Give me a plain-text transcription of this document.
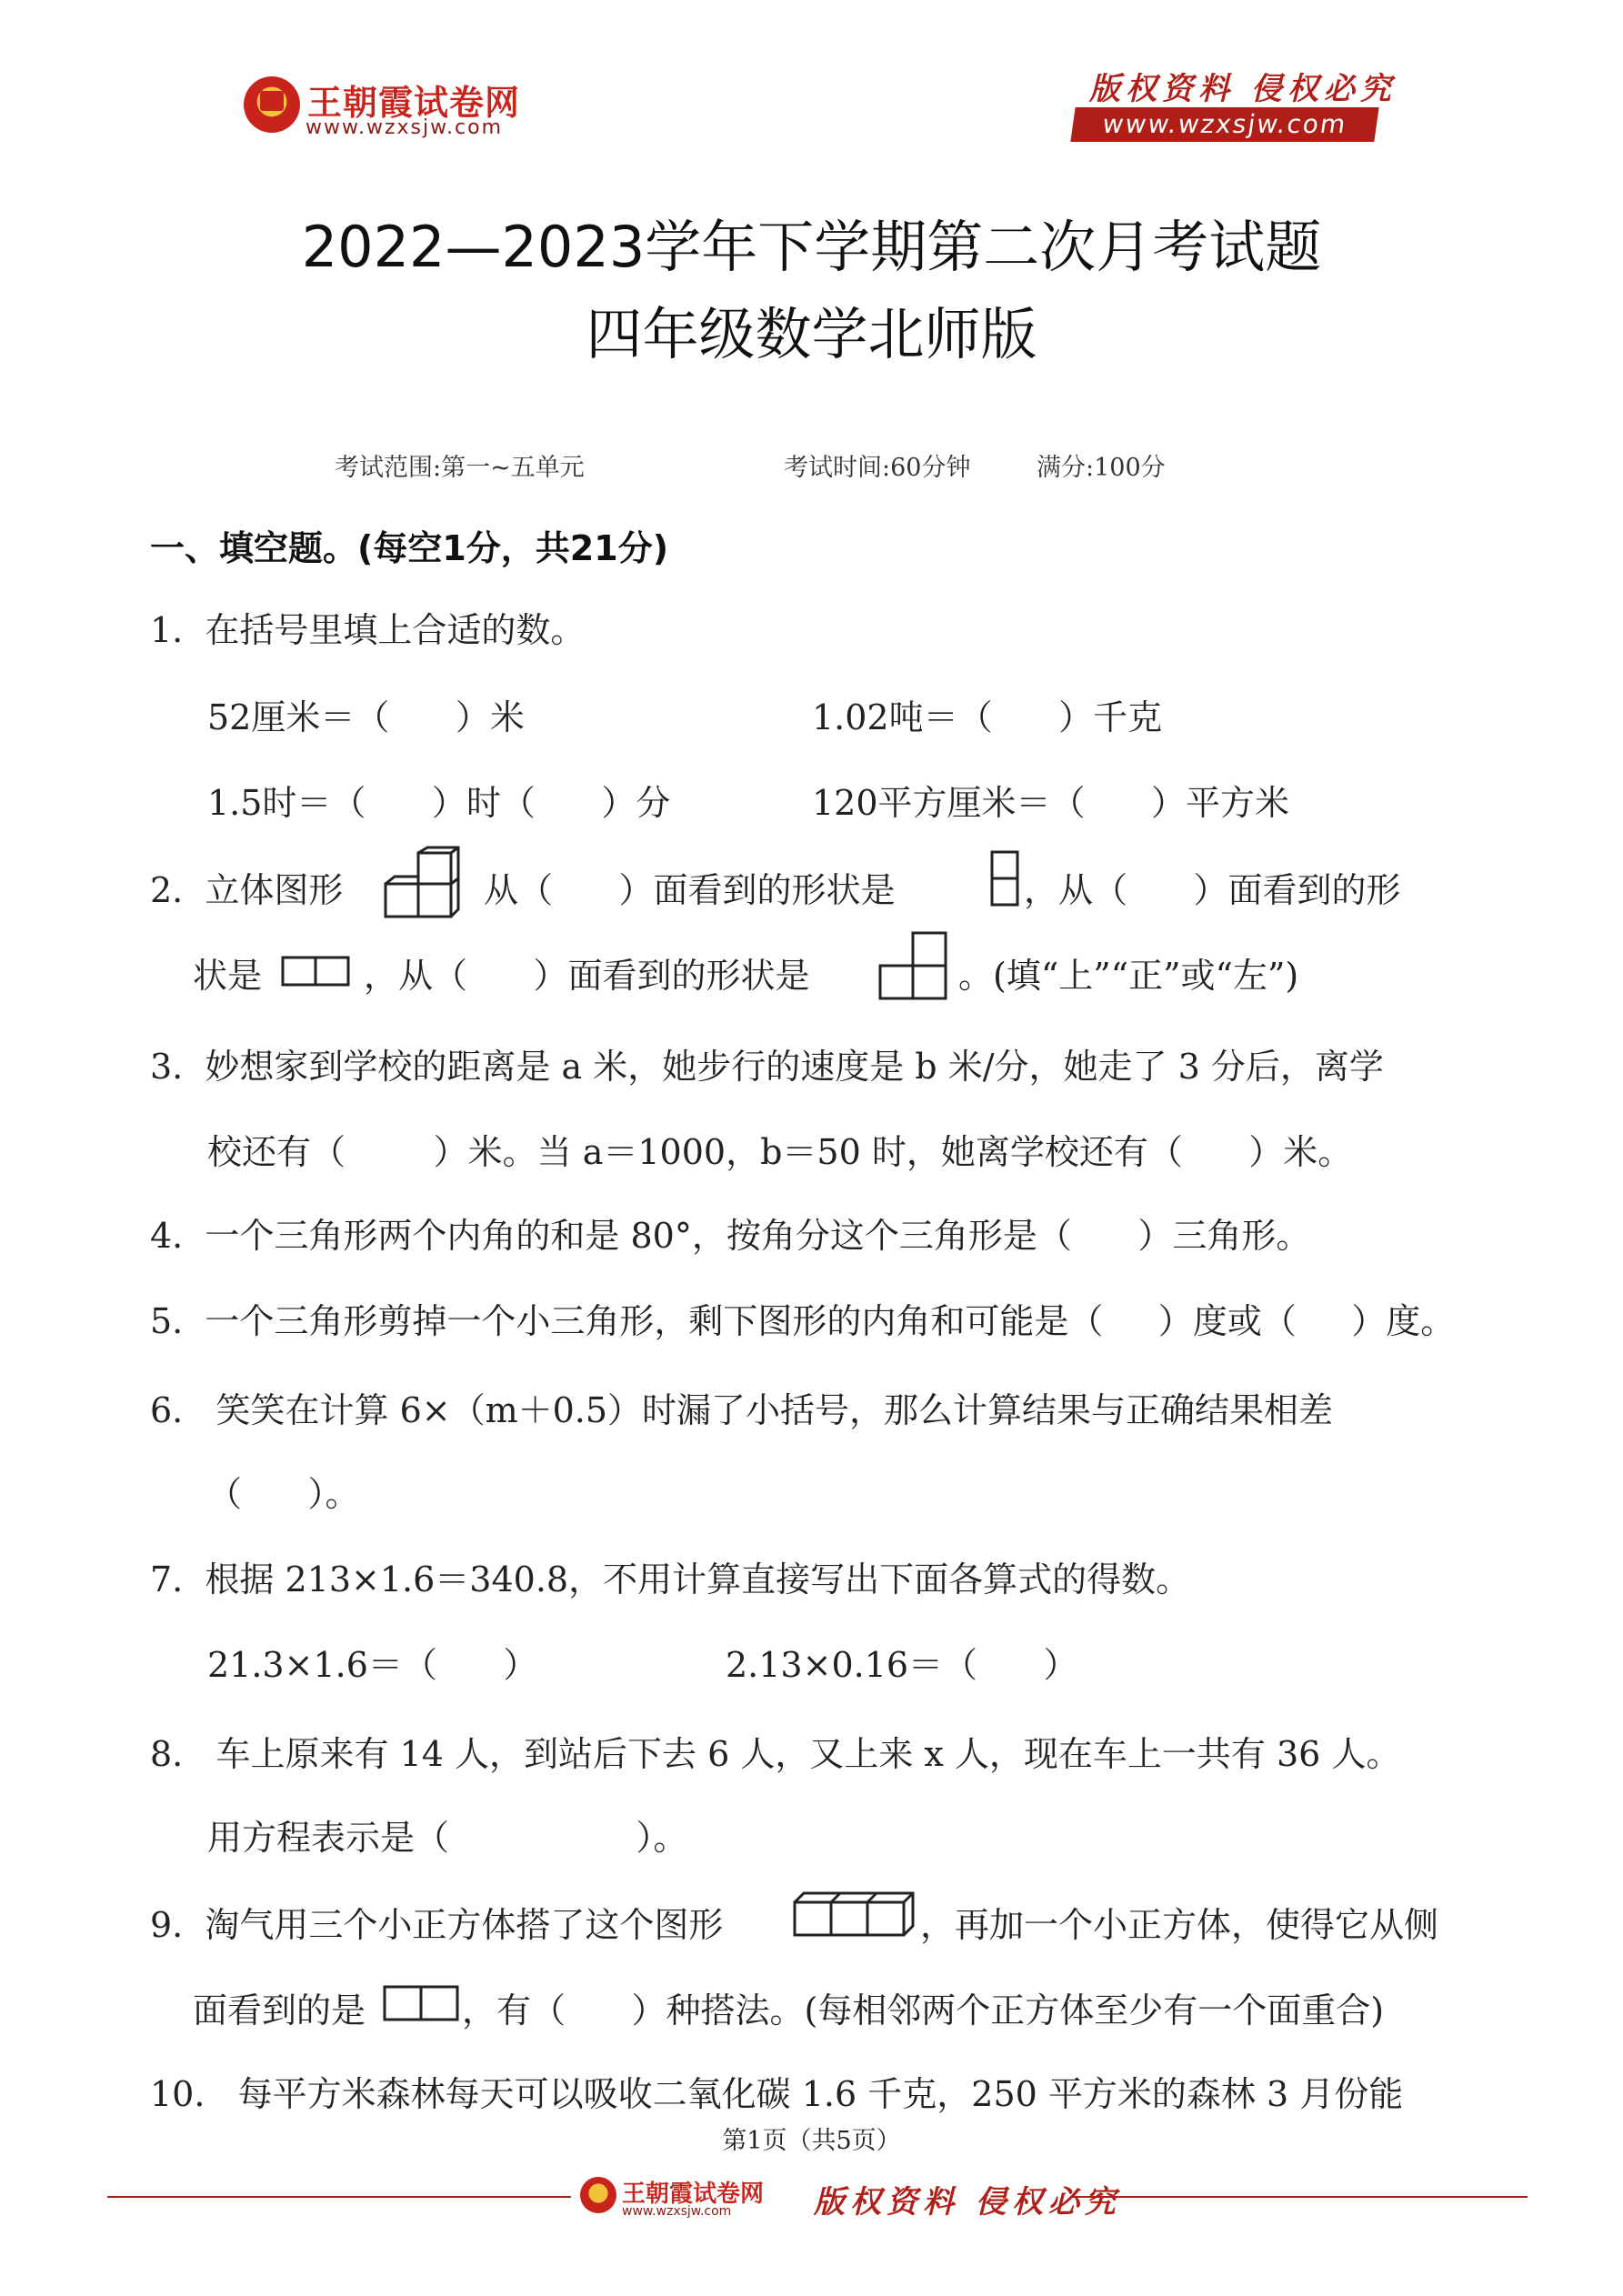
王朝霞试卷网
www.wzxsjw.com
版权资料 侵权必究
www.wzxsjw.com
2022—2023学年下学期第二次月考试题
四年级数学北师版
考试范围:第一~五单元	考试时间:60分钟	满分:100分
一、填空题。(每空1分，共21分)
1.  在括号里填上合适的数。
52厘米＝（      ）米	1.02吨＝（      ）千克
1.5时＝（      ）时（      ）分	120平方厘米＝（      ）平方米
2.  立体图形	从（      ）面看到的形状是	，从（      ）面看到的形
状是	，从（      ）面看到的形状是	。(填“上”“正”或“左”)
3.  妙想家到学校的距离是 a 米，她步行的速度是 b 米/分，她走了 3 分后，离学
校还有（        ）米。当 a＝1000，b＝50 时，她离学校还有（      ）米。
4.  一个三角形两个内角的和是 80°，按角分这个三角形是（      ）三角形。
5.  一个三角形剪掉一个小三角形，剩下图形的内角和可能是（     ）度或（     ）度。
6.   笑笑在计算 6×（m＋0.5）时漏了小括号，那么计算结果与正确结果相差
（      ）。
7.  根据 213×1.6＝340.8，不用计算直接写出下面各算式的得数。
21.3×1.6＝（      ）	2.13×0.16＝（      ）
8.   车上原来有 14 人，到站后下去 6 人，又上来 x 人，现在车上一共有 36 人。
用方程表示是（                 ）。
9.  淘气用三个小正方体搭了这个图形	，再加一个小正方体，使得它从侧
面看到的是	，有（      ）种搭法。(每相邻两个正方体至少有一个面重合)
10.   每平方米森林每天可以吸收二氧化碳 1.6 千克，250 平方米的森林 3 月份能
第1页（共5页）
王朝霞试卷网
www.wzxsjw.com	版权资料 侵权必究
